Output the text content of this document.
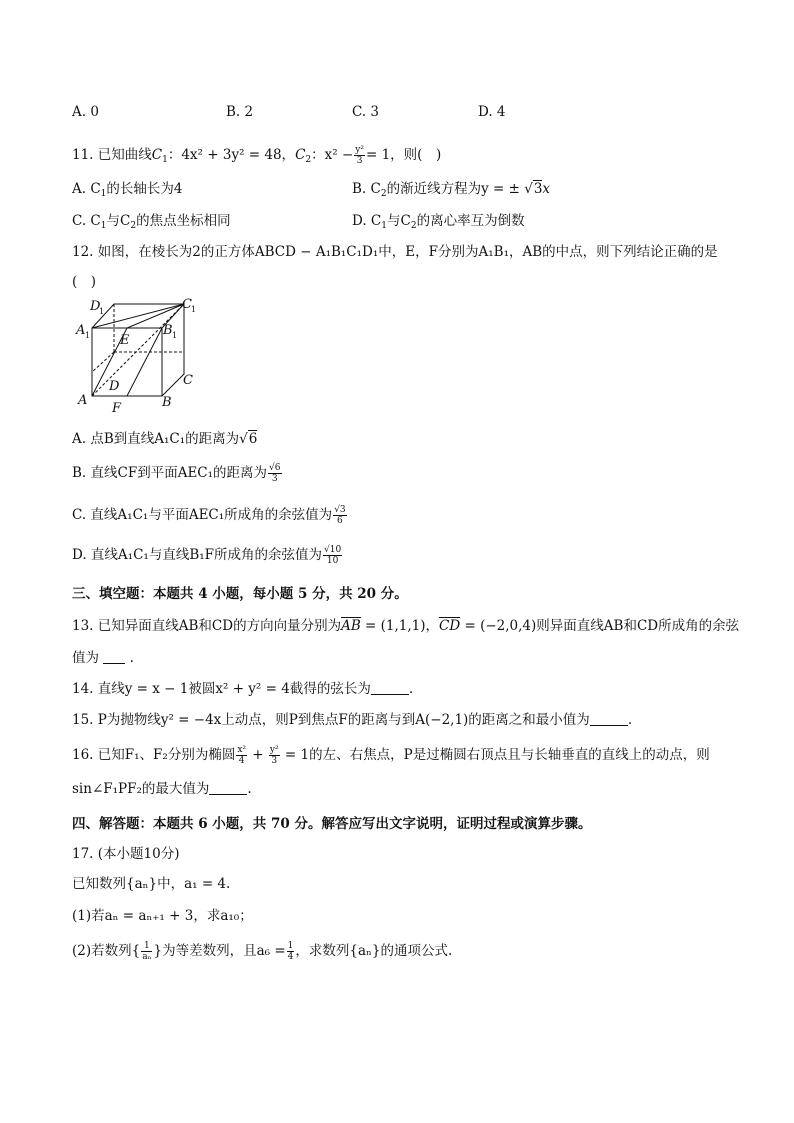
A. 0	B. 2	C. 3	D. 4
11. 已知曲线$C_1$：4x² + 3y² = 48，$C_2$：$x^2 - \frac{\text{y²}}{3} = 1$，则(　)
A. $C_1$的长轴长为4	B. $C_2$的渐近线方程为y = ± √3x
C. $C_1$与$C_2$的焦点坐标相同	D. $C_1$与$C_2$的离心率互为倒数
12. 如图，在棱长为2的正方体ABCD − A₁B₁C₁D₁中，E，F分别为A₁B₁，AB的中点，则下列结论正确的是
(　)
A	B
C
D
F
E
A 1
D
1	C 1
B 1
A. 点B到直线A₁C₁的距离为√6
B. 直线CF到平面AEC₁的距离为 $\frac{√6}{3}$
C. 直线A₁C₁与平面AEC₁所成角的余弦值为 $\frac{√3}{6}$
D. 直线A₁C₁与直线B₁F所成角的余弦值为 $\frac{√10}{10}$
三、填空题：本题共 4 小题，每小题 5 分，共 20 分。
13. 已知异面直线AB和CD的方向向量分别为AB = (1,1,1)，CD = (−2,0,4)则异面直线AB和CD所成角的余弦
值为  .
14. 直线y = x − 1被圆x² + y² = 4截得的弦长为	.
15. P为抛物线y² = −4x上动点，则P到焦点F的距离与到A(−2,1)的距离之和最小值为	.
16. 已知F₁、F₂分别为椭圆 $\frac{\text{x²}}{4} + \frac{\text{y²}}{3} = 1$的左、右焦点，P是过椭圆右顶点且与长轴垂直的直线上的动点，则
sin∠F₁PF₂的最大值为	.
四、解答题：本题共 6 小题，共 70 分。解答应写出文字说明，证明过程或演算步骤。
17. (本小题10分)
已知数列{aₙ}中，a₁ = 4.
(1)若aₙ = aₙ₊₁ + 3，求a₁₀；
(2)若数列{ $\frac{1}{\text{aₙ}}$ }为等差数列，且$a_6 = \frac{1}{4}$ ，求数列{aₙ}的通项公式.
